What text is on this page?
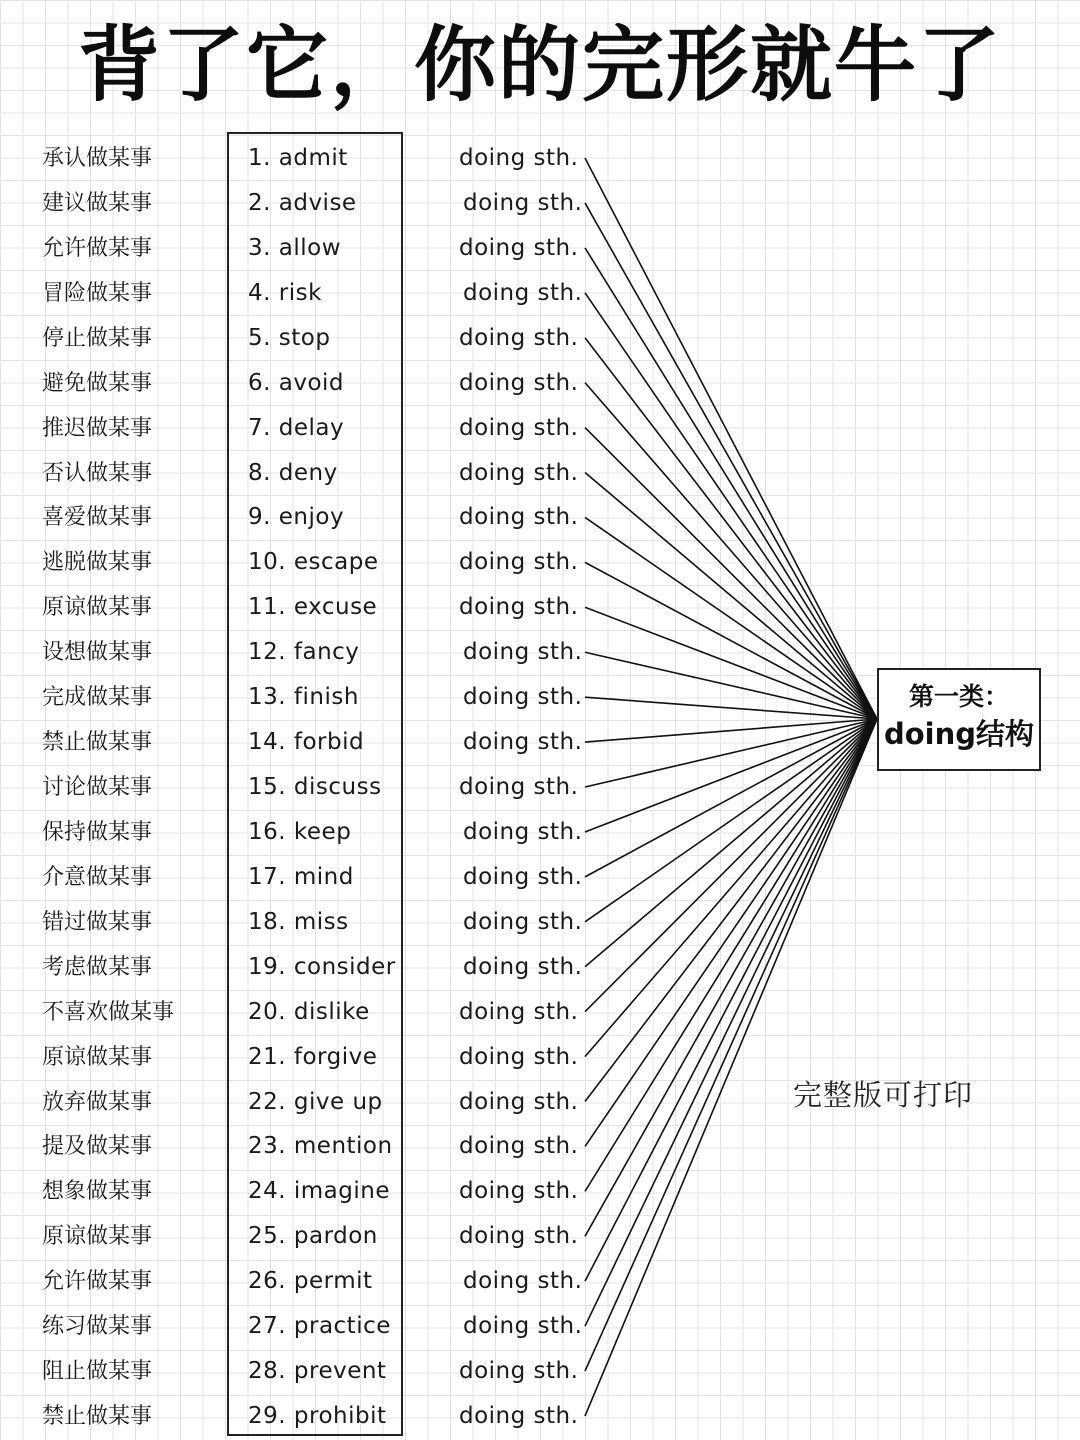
背了它，你的完形就牛了
承认做某事	1. admit	doing sth.
建议做某事	2. advise	doing sth.
允许做某事	3. allow	doing sth.
冒险做某事	4. risk	doing sth.
停止做某事	5. stop	doing sth.
避免做某事	6. avoid	doing sth.
推迟做某事	7. delay	doing sth.
否认做某事	8. deny	doing sth.
喜爱做某事	9. enjoy	doing sth.
逃脱做某事	10. escape	doing sth.
原谅做某事	11. excuse	doing sth.
设想做某事	12. fancy	doing sth.
完成做某事	13. finish	doing sth.
禁止做某事	14. forbid	doing sth.
讨论做某事	15. discuss	doing sth.
保持做某事	16. keep	doing sth.
介意做某事	17. mind	doing sth.
错过做某事	18. miss	doing sth.
考虑做某事	19. consider	doing sth.
不喜欢做某事	20. dislike	doing sth.
原谅做某事	21. forgive	doing sth.
放弃做某事	22. give up	doing sth.
提及做某事	23. mention	doing sth.
想象做某事	24. imagine	doing sth.
原谅做某事	25. pardon	doing sth.
允许做某事	26. permit	doing sth.
练习做某事	27. practice	doing sth.
阻止做某事	28. prevent	doing sth.
禁止做某事	29. prohibit	doing sth.
第一类：
doing结构
完整版可打印
